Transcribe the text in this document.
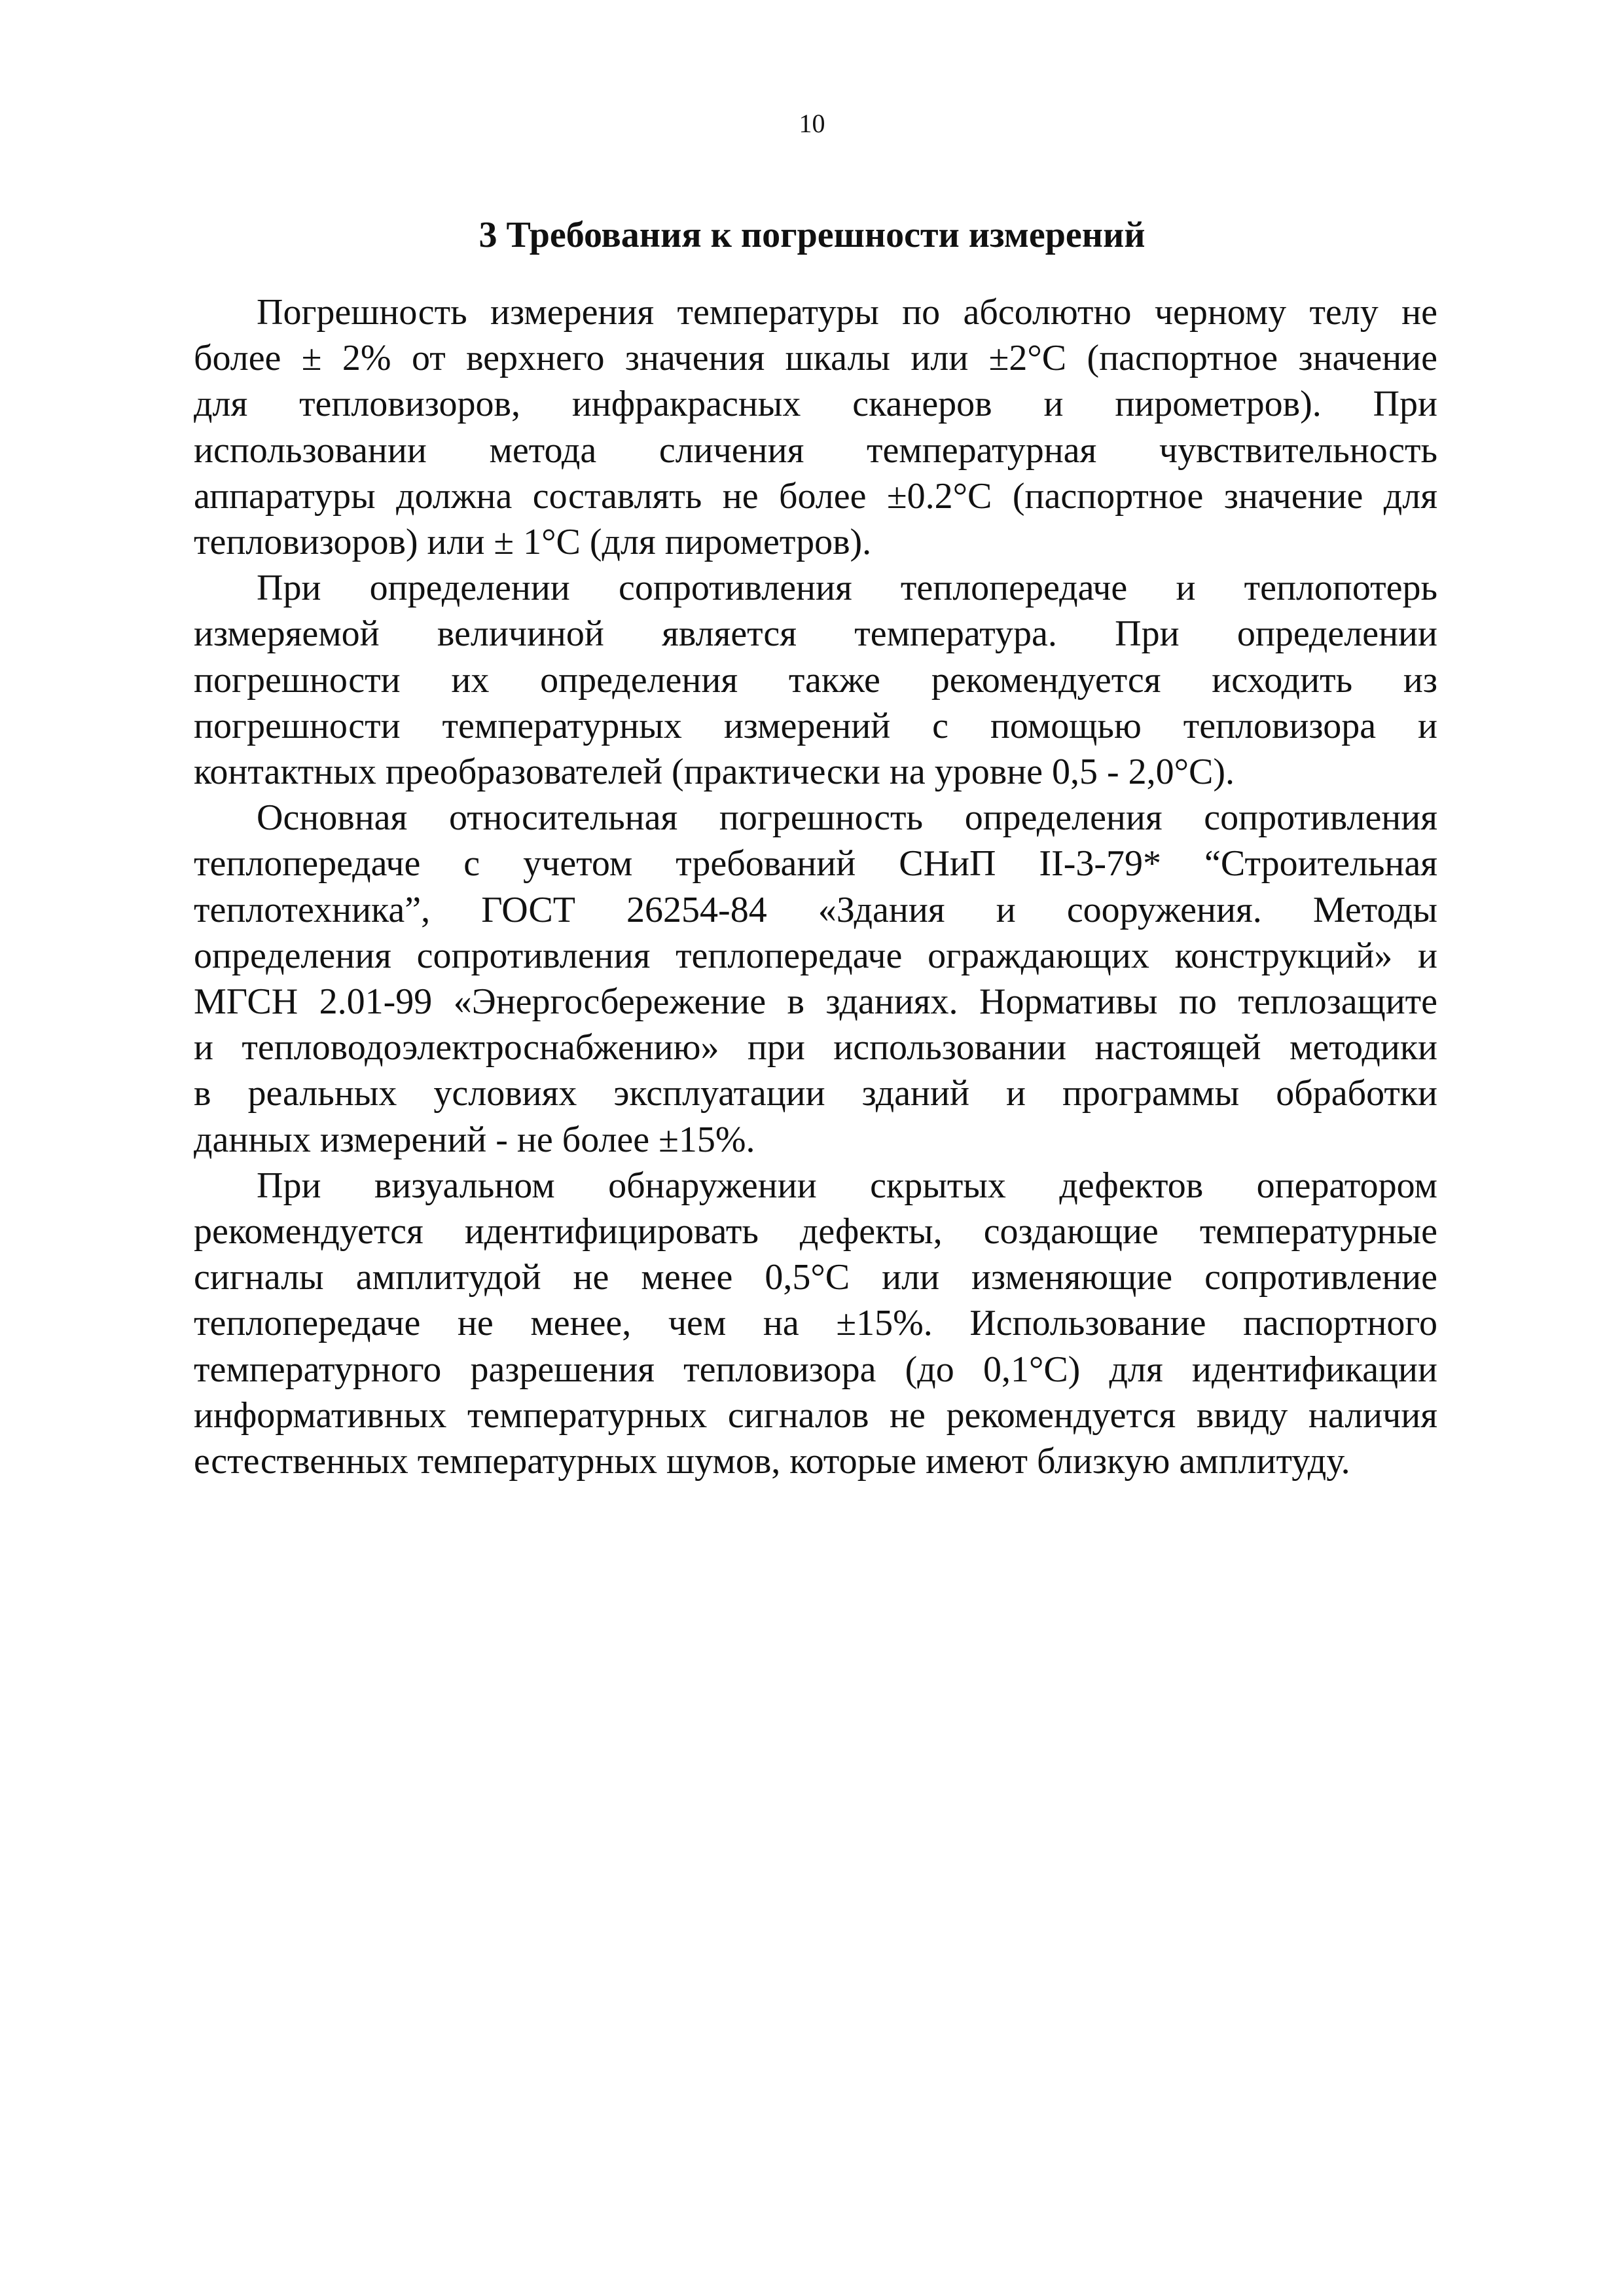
10
3 Требования к погрешности измерений

Погрешность измерения температуры по абсолютно черному телу не
более ± 2% от верхнего значения шкалы или ±2°С (паспортное значение
для тепловизоров, инфракрасных сканеров и пирометров). При
использовании метода сличения температурная чувствительность
аппаратуры должна составлять не более ±0.2°С (паспортное значение для
тепловизоров) или ± 1°С (для пирометров).

При определении сопротивления теплопередаче и теплопотерь
измеряемой величиной является температура. При определении
погрешности их определения также рекомендуется исходить из
погрешности температурных измерений с помощью тепловизора и
контактных преобразователей (практически на уровне 0,5 - 2,0°С).

Основная относительная погрешность определения сопротивления
теплопередаче с учетом требований СНиП II-3-79* “Строительная
теплотехника”, ГОСТ 26254-84 «Здания и сооружения. Методы
определения сопротивления теплопередаче ограждающих конструкций» и
МГСН 2.01-99 «Энергосбережение в зданиях. Нормативы по теплозащите
и тепловодоэлектроснабжению» при использовании настоящей методики
в реальных условиях эксплуатации зданий и программы обработки
данных измерений - не более ±15%.

При визуальном обнаружении скрытых дефектов оператором
рекомендуется идентифицировать дефекты, создающие температурные
сигналы амплитудой не менее 0,5°С или изменяющие сопротивление
теплопередаче не менее, чем на ±15%. Использование паспортного
температурного разрешения тепловизора (до 0,1°С) для идентификации
информативных температурных сигналов не рекомендуется ввиду наличия
естественных температурных шумов, которые имеют близкую амплитуду.
